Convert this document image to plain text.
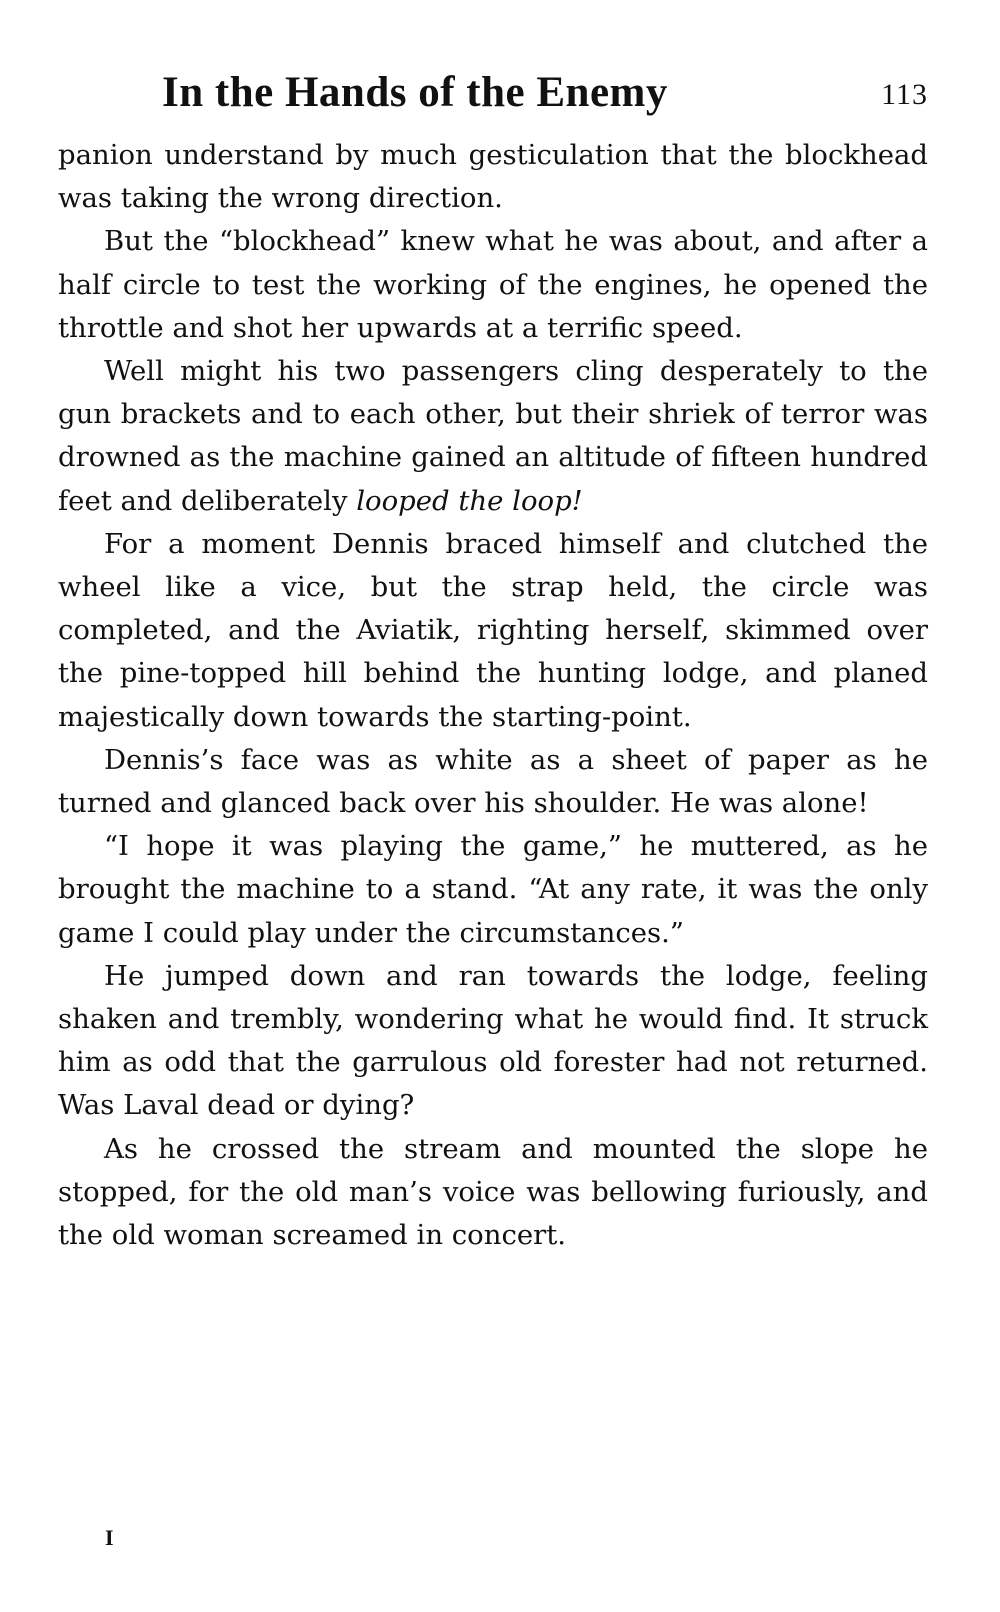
In the Hands of the Enemy	113

panion understand by much gesticulation that the blockhead was taking the wrong direction.

But the “blockhead” knew what he was about, and after a half circle to test the working of the engines, he opened the throttle and shot her upwards at a terrific speed.

Well might his two passengers cling desperately to the gun brackets and to each other, but their shriek of terror was drowned as the machine gained an altitude of fifteen hundred feet and deliberately looped the loop!

For a moment Dennis braced himself and clutched the wheel like a vice, but the strap held, the circle was completed, and the Aviatik, righting herself, skimmed over the pine-topped hill behind the hunting lodge, and planed majestically down towards the starting-point.

Dennis’s face was as white as a sheet of paper as he turned and glanced back over his shoulder. He was alone!

“I hope it was playing the game,” he muttered, as he brought the machine to a stand. “At any rate, it was the only game I could play under the circumstances.”

He jumped down and ran towards the lodge, feeling shaken and trembly, wondering what he would find. It struck him as odd that the garrulous old forester had not returned. Was Laval dead or dying?

As he crossed the stream and mounted the slope he stopped, for the old man’s voice was bellowing furiously, and the old woman screamed in concert.

I
